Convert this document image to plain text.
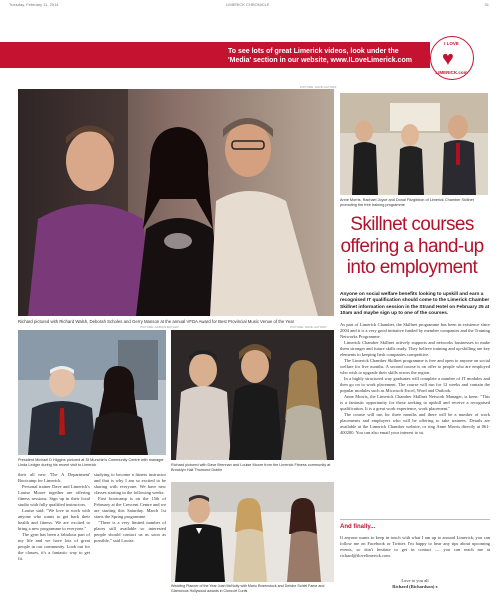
Tuesday, February 11, 2014	LIMERICK CHRONICLE	31
To see lots of great Limerick videos, look under the
'Media' section in our website, www.ILoveLimerick.com
I LOVE
♥
LIMERICK.com
PICTURE: DAVE GAYNOR
Richard pictured with Richard Walsh, Deborah Scholes and Gerry Manson at the annual VFDA Award for Best Provincial Music Venue of the Year
Anne Morris, Rachael Joyce and Donal Fitzgibbon of Limerick Chamber Skillnet promoting the free training programme
Skillnet courses
offering a hand-up
into employment
Anyone on social welfare benefits looking to upskill and earn a recognised IT qualification should come to the Limerick Chamber Skillnet information session in the Strand Hotel on February 25 at 10am and maybe sign up to one of the courses.

As part of Limerick Chamber, the Skillnet programme has been in existence since 2004 and it is a very good initiative funded by member companies and the Training Networks Programme.

Limerick Chamber Skillnet actively supports and networks businesses to make them stronger and future skills ready. They believe training and up-skilling are key elements to keeping Irish companies competitive.

The Limerick Chamber Skillnet programme is free and open to anyone on social welfare for five months. A second course is on offer to people who are employed who wish to upgrade their skills across the region.

In a highly structured way graduates will complete a number of IT modules and then go on to work placement. The course will run for 12 weeks and contain the popular modules such as Microsoft Excel, Word and Outlook.

Anne Morris, the Limerick Chamber Skillnet Network Manager, is keen: "This is a fantastic opportunity for those seeking to upskill and receive a recognised qualification. It is a great work experience, work placement."

The course will run for three months and there will be a number of work placements and employers who will be offering to take trainees. Details are available at the Limerick Chamber website, or ring Anne Morris directly at 061-400200. You can also email your interest to us.

And finally...
If anyone wants to keep in touch with what I am up to around Limerick, you can follow me on Facebook or Twitter. I'm happy to hear any tips about upcoming events, so don't hesitate to get in contact — you can reach me at richard@ilovelimerick.com.
Love to you all
Richard (Richardson) x
PICTURE: ADRIAN BUTLER
President Michael D Higgins pictured at St Munchin's Community Centre with manager Linda Ledger during his recent visit to Limerick
PICTURE: DAVE GAYNOR
Richard pictured with Dave Brennan and Louise Moore from the Limerick Fitness community at Brooklyn Hall Thomond Dublin

their all new 'The A Department' Bootcamp for Limerick.

Personal trainer Dave and Limerick's Louise Moore together are offering fitness sessions. Sign up in their local studio with fully qualified instructors.

Louise said: "We love to work with anyone who wants to get back their health and fitness. We are excited to bring a new programme to everyone."

The gym has been a fabulous part of my life and we have lots of great people in our community. Look out for the classes, it's a fantastic way to get fit.

studying to become a fitness instructor and that is why I am so excited to be sharing with everyone. We have new classes starting in the following weeks.

First bootcamp is on the 15th of February at the Crescent Centre and we are starting this Saturday. March 1st starts the Spring programme.

"There is a very limited number of places still available so interested people should contact us as soon as possible," said Louise.

Wedding Planner of the Year Joan McNulty with Mario Rosenstock and Deirdre Schlei Fame and Glamorous Hollywood awards in Cloncurf Curtis
